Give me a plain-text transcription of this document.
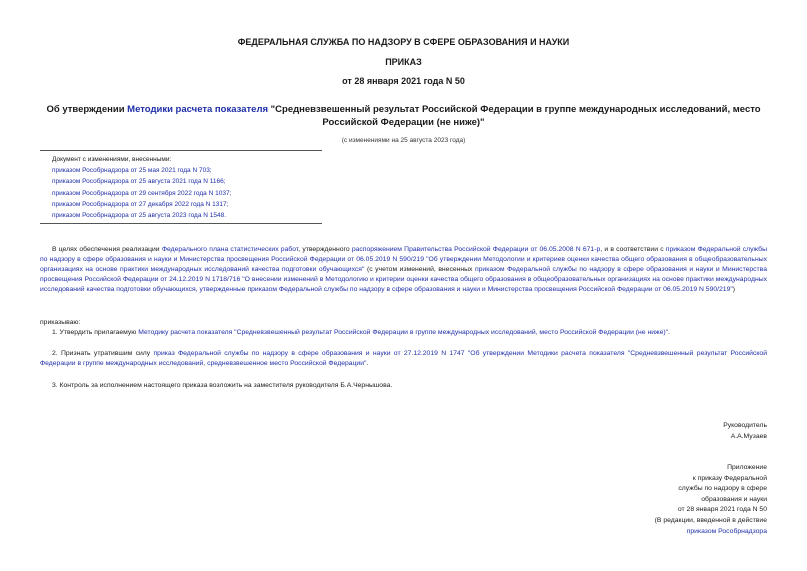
ФЕДЕРАЛЬНАЯ СЛУЖБА ПО НАДЗОРУ В СФЕРЕ ОБРАЗОВАНИЯ И НАУКИ
ПРИКАЗ
от 28 января 2021 года N 50
Об утверждении Методики расчета показателя "Средневзвешенный результат Российской Федерации в группе международных исследований, место Российской Федерации (не ниже)"
(с изменениями на 25 августа 2023 года)
Документ с изменениями, внесенными:
приказом Рособрнадзора от 25 мая 2021 года N 703;
приказом Рособрнадзора от 25 августа 2021 года N 1166;
приказом Рособрнадзора от 29 сентября 2022 года N 1037;
приказом Рособрнадзора от 27 декабря 2022 года N 1317;
приказом Рособрнадзора от 25 августа 2023 года N 1548.
В целях обеспечения реализации Федерального плана статистических работ, утвержденного распоряжением Правительства Российской Федерации от 06.05.2008 N 671-р, и в соответствии с приказом Федеральной службы по надзору в сфере образования и науки и Министерства просвещения Российской Федерации от 06.05.2019 N 590/219 "Об утверждении Методологии и критериев оценки качества общего образования в общеобразовательных организациях на основе практики международных исследований качества подготовки обучающихся" (с учетом изменений, внесенных приказом Федеральной службы по надзору в сфере образования и науки и Министерства просвещения Российской Федерации от 24.12.2019 N 1718/716 "О внесении изменений в Методологию и критерии оценки качества общего образования в общеобразовательных организациях на основе практики международных исследований качества подготовки обучающихся, утвержденные приказом Федеральной службы по надзору в сфере образования и науки и Министерства просвещения Российской Федерации от 06.05.2019 N 590/219")
приказываю:
1. Утвердить прилагаемую Методику расчета показателя "Средневзвешенный результат Российской Федерации в группе международных исследований, место Российской Федерации (не ниже)".
2. Признать утратившим силу приказ Федеральной службы по надзору в сфере образования и науки от 27.12.2019 N 1747 "Об утверждении Методики расчета показателя "Средневзвешенный результат Российской Федерации в группе международных исследований, средневзвешенное место Российской Федерации".
3. Контроль за исполнением настоящего приказа возложить на заместителя руководителя Б.А.Чернышова.
Руководитель
А.А.Музаев
Приложение
к приказу Федеральной
службы по надзору в сфере
образования и науки
от 28 января 2021 года N 50
(В редакции, введенной в действие
приказом Рособрнадзора
